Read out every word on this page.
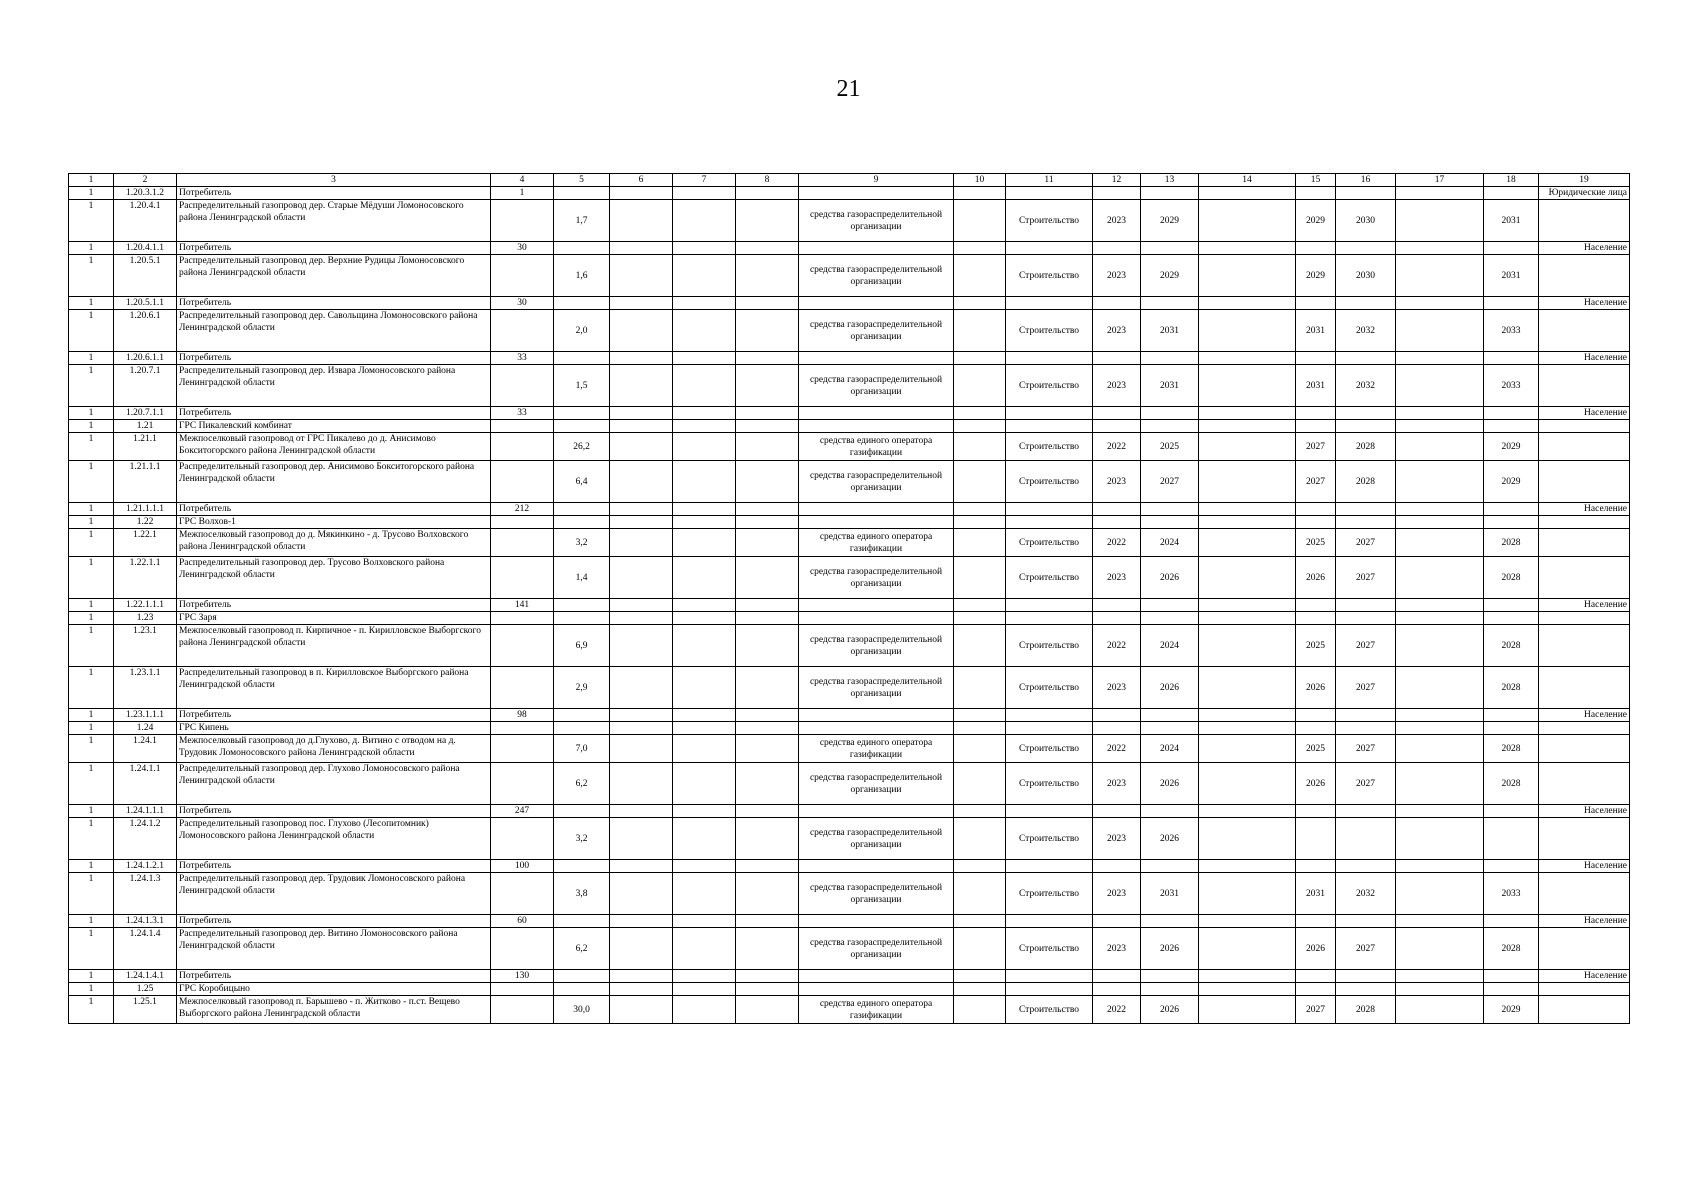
21
1	2	3	4	5	6	7	8	9	10	11	12	13	14	15	16	17	18	19
1	1.20.3.1.2	Потребитель	1															Юридические лица
1	1.20.4.1	Распределительный газопровод дер. Старые Мёдуши Ломоносовского района Ленинградской области		1,7				средства газораспределительной организации		Строительство	2023	2029		2029	2030		2031	
1	1.20.4.1.1	Потребитель	30															Население
1	1.20.5.1	Распределительный газопровод дер. Верхние Рудицы Ломоносовского района Ленинградской области		1,6				средства газораспределительной организации		Строительство	2023	2029		2029	2030		2031	
1	1.20.5.1.1	Потребитель	30															Население
1	1.20.6.1	Распределительный газопровод дер. Савольщина Ломоносовского района Ленинградской области		2,0				средства газораспределительной организации		Строительство	2023	2031		2031	2032		2033	
1	1.20.6.1.1	Потребитель	33															Население
1	1.20.7.1	Распределительный газопровод дер. Извара Ломоносовского района Ленинградской области		1,5				средства газораспределительной организации		Строительство	2023	2031		2031	2032		2033	
1	1.20.7.1.1	Потребитель	33															Население
1	1.21	ГРС Пикалевский комбинат																
1	1.21.1	Межпоселковый газопровод от ГРС Пикалево до д. Анисимово Бокситогорского района Ленинградской области		26,2				средства единого оператора газификации		Строительство	2022	2025		2027	2028		2029	
1	1.21.1.1	Распределительный газопровод дер. Анисимово Бокситогорского района Ленинградской области		6,4				средства газораспределительной организации		Строительство	2023	2027		2027	2028		2029	
1	1.21.1.1.1	Потребитель	212															Население
1	1.22	ГРС Волхов-1																
1	1.22.1	Межпоселковый газопровод до д. Мякинкино - д. Трусово Волховского района Ленинградской области		3,2				средства единого оператора газификации		Строительство	2022	2024		2025	2027		2028	
1	1.22.1.1	Распределительный газопровод дер. Трусово Волховского района Ленинградской области		1,4				средства газораспределительной организации		Строительство	2023	2026		2026	2027		2028	
1	1.22.1.1.1	Потребитель	141															Население
1	1.23	ГРС Заря																
1	1.23.1	Межпоселковый газопровод п. Кирпичное - п. Кирилловское Выборгского района Ленинградской области		6,9				средства газораспределительной организации		Строительство	2022	2024		2025	2027		2028	
1	1.23.1.1	Распределительный газопровод в п. Кирилловское Выборгского района Ленинградской области		2,9				средства газораспределительной организации		Строительство	2023	2026		2026	2027		2028	
1	1.23.1.1.1	Потребитель	98															Население
1	1.24	ГРС Кипень																
1	1.24.1	Межпоселковый газопровод до д.Глухово, д. Витино с отводом на д. Трудовик Ломоносовского района Ленинградской области		7,0				средства единого оператора газификации		Строительство	2022	2024		2025	2027		2028	
1	1.24.1.1	Распределительный газопровод дер. Глухово Ломоносовского района Ленинградской области		6,2				средства газораспределительной организации		Строительство	2023	2026		2026	2027		2028	
1	1.24.1.1.1	Потребитель	247															Население
1	1.24.1.2	Распределительный газопровод пос. Глухово (Лесопитомник) Ломоносовского района Ленинградской области		3,2				средства газораспределительной организации		Строительство	2023	2026						
1	1.24.1.2.1	Потребитель	100															Население
1	1.24.1.3	Распределительный газопровод дер. Трудовик Ломоносовского района Ленинградской области		3,8				средства газораспределительной организации		Строительство	2023	2031		2031	2032		2033	
1	1.24.1.3.1	Потребитель	60															Население
1	1.24.1.4	Распределительный газопровод дер. Витино Ломоносовского района Ленинградской области		6,2				средства газораспределительной организации		Строительство	2023	2026		2026	2027		2028	
1	1.24.1.4.1	Потребитель	130															Население
1	1.25	ГРС Коробицыно																
1	1.25.1	Межпоселковый газопровод п. Барышево - п. Житково - п.ст. Вещево Выборгского района Ленинградской области		30,0				средства единого оператора газификации		Строительство	2022	2026		2027	2028		2029	
